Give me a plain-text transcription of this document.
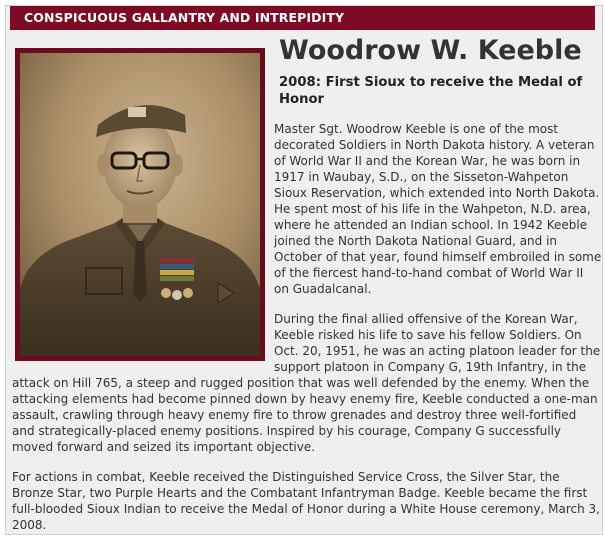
CONSPICUOUS GALLANTRY AND INTREPIDITY
Woodrow W. Keeble
2008: First Sioux to receive the Medal of Honor

Master Sgt. Woodrow Keeble is one of the most decorated Soldiers in North Dakota history. A veteran of World War II and the Korean War, he was born in 1917 in Waubay, S.D., on the Sisseton-Wahpeton Sioux Reservation, which extended into North Dakota. He spent most of his life in the Wahpeton, N.D. area, where he attended an Indian school. In 1942 Keeble joined the North Dakota National Guard, and in October of that year, found himself embroiled in some of the fiercest hand-to-hand combat of World War II on Guadalcanal.

During the final allied offensive of the Korean War, Keeble risked his life to save his fellow Soldiers. On Oct. 20, 1951, he was an acting platoon leader for the support platoon in Company G, 19th Infantry, in the attack on Hill 765, a steep and rugged position that was well defended by the enemy. When the attacking elements had become pinned down by heavy enemy fire, Keeble conducted a one-man assault, crawling through heavy enemy fire to throw grenades and destroy three well-fortified and strategically-placed enemy positions. Inspired by his courage, Company G successfully moved forward and seized its important objective.

For actions in combat, Keeble received the Distinguished Service Cross, the Silver Star, the Bronze Star, two Purple Hearts and the Combatant Infantryman Badge. Keeble became the first full-blooded Sioux Indian to receive the Medal of Honor during a White House ceremony, March 3, 2008.
